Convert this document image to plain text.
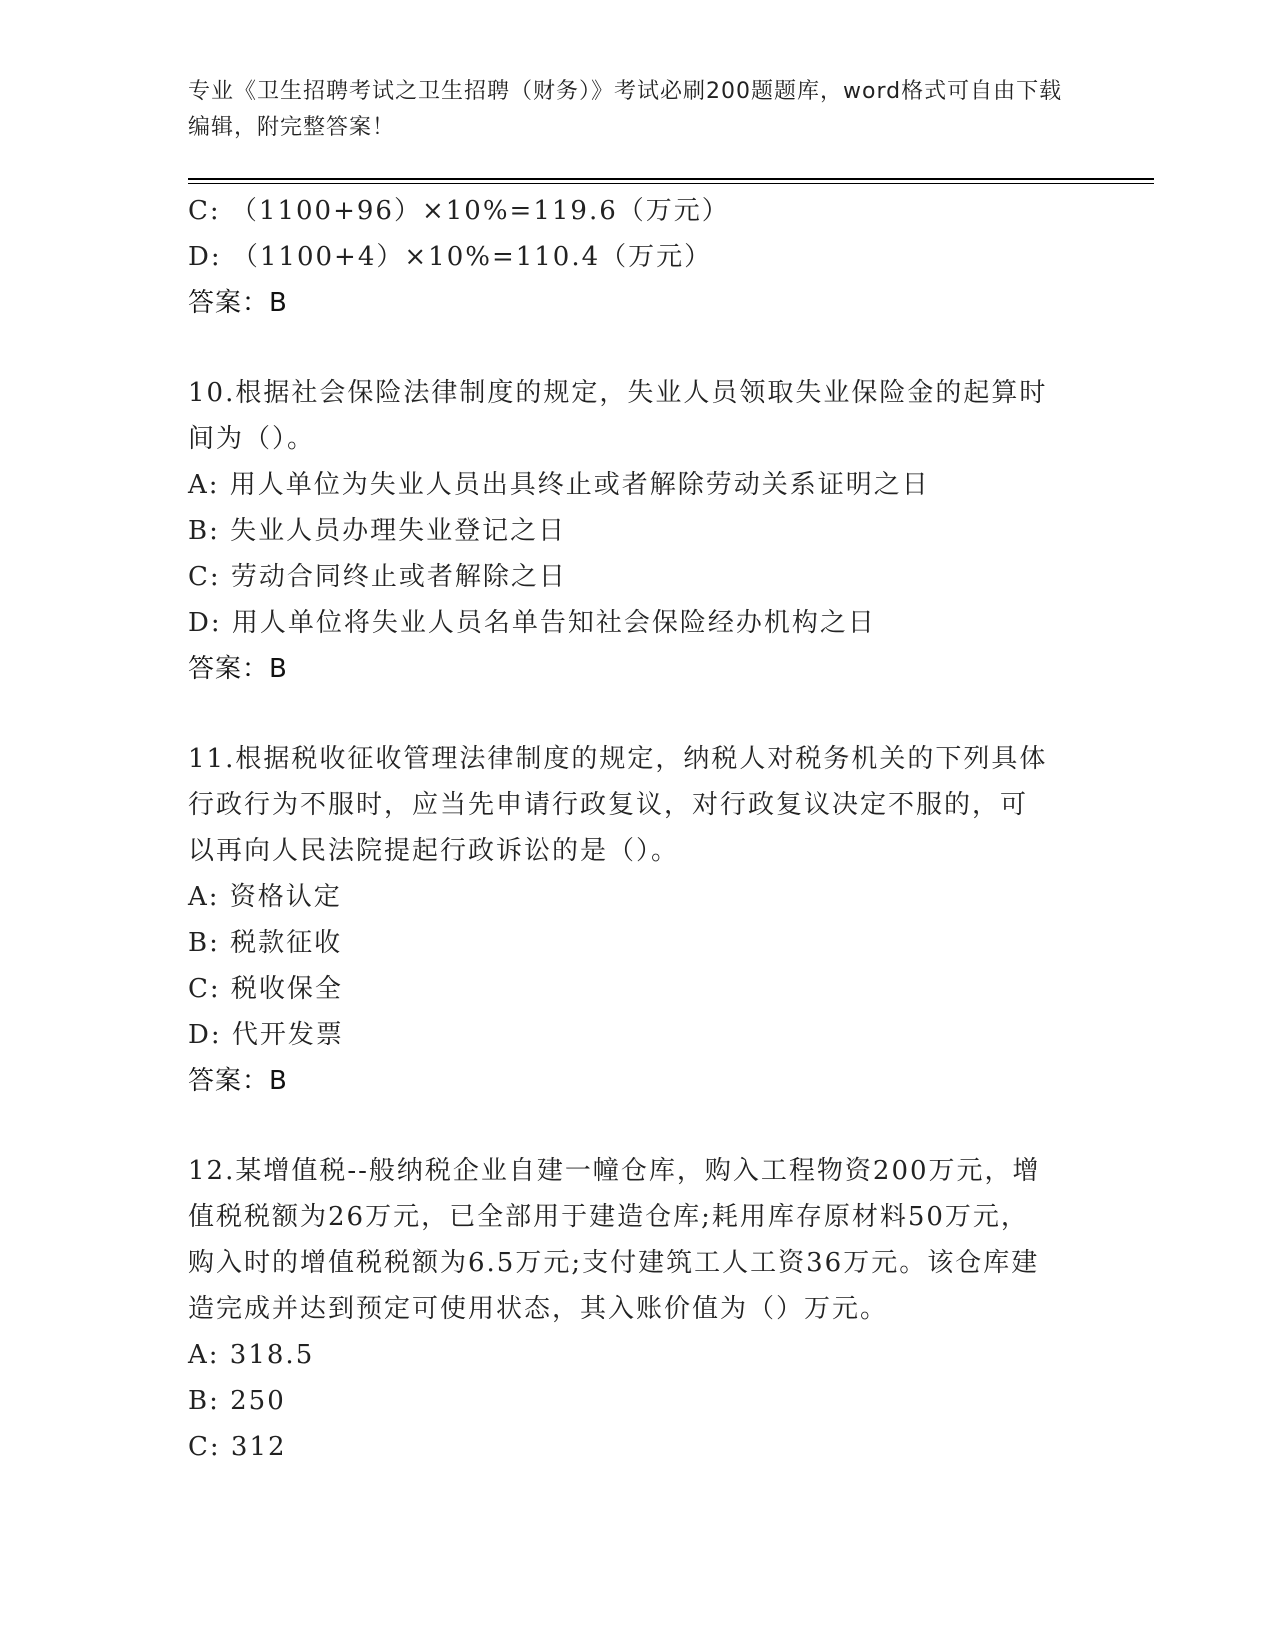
专业《卫生招聘考试之卫生招聘（财务）》考试必刷200题题库，word格式可自由下载编辑，附完整答案！
C: （1100+96）×10%=119.6（万元）
D: （1100+4）×10%=110.4（万元）
答案：B
10.根据社会保险法律制度的规定，失业人员领取失业保险金的起算时间为（）。
A: 用人单位为失业人员出具终止或者解除劳动关系证明之日
B: 失业人员办理失业登记之日
C: 劳动合同终止或者解除之日
D: 用人单位将失业人员名单告知社会保险经办机构之日
答案：B
11.根据税收征收管理法律制度的规定，纳税人对税务机关的下列具体行政行为不服时，应当先申请行政复议，对行政复议决定不服的，可以再向人民法院提起行政诉讼的是（）。
A: 资格认定
B: 税款征收
C: 税收保全
D: 代开发票
答案：B
12.某增值税--般纳税企业自建一幢仓库，购入工程物资200万元，增值税税额为26万元，已全部用于建造仓库;耗用库存原材料50万元，购入时的增值税税额为6.5万元;支付建筑工人工资36万元。该仓库建造完成并达到预定可使用状态，其入账价值为（）万元。
A: 318.5
B: 250
C: 312
